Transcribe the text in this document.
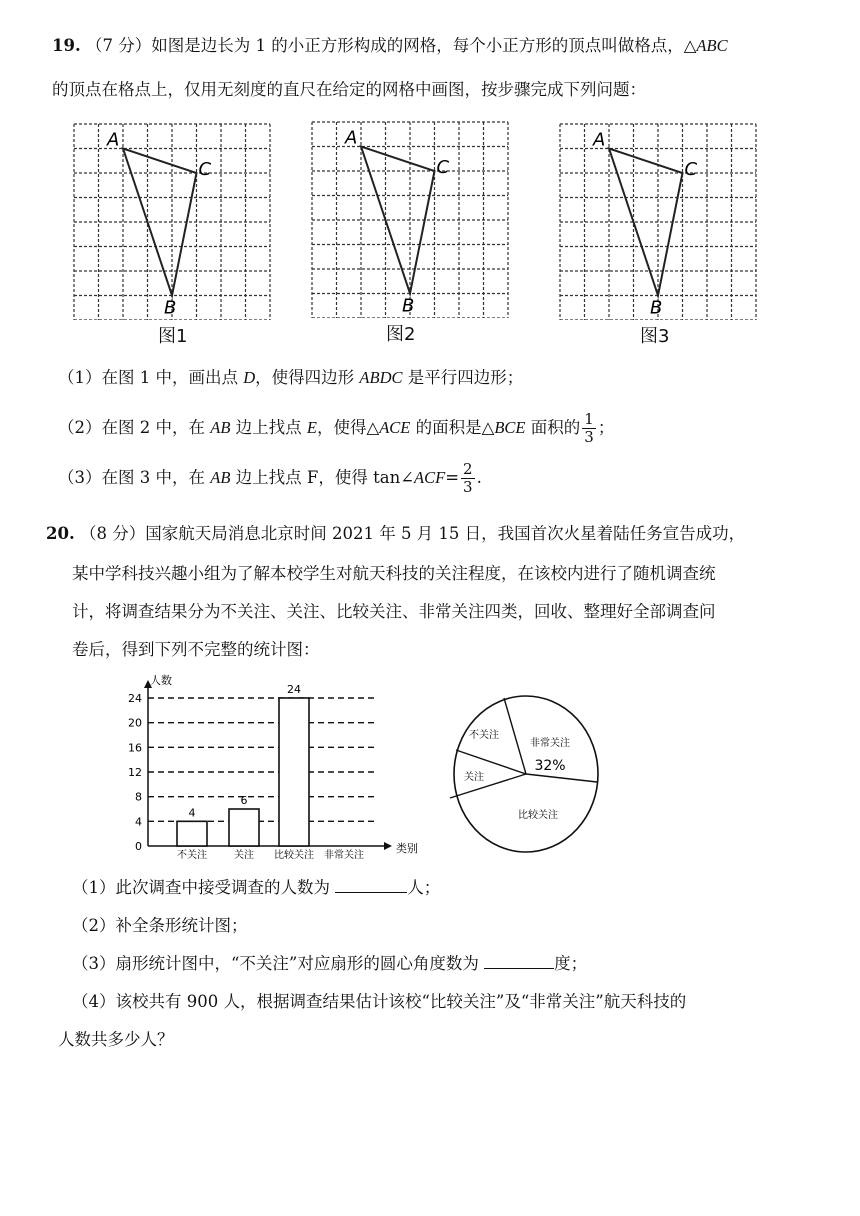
19. （7 分）如图是边长为 1 的小正方形构成的网格，每个小正方形的顶点叫做格点，△ABC
的顶点在格点上，仅用无刻度的直尺在给定的网格中画图，按步骤完成下列问题：
A
B
C
图1
A
B
C
图2
A
B
C
图3
（1）在图 1 中，画出点 D，使得四边形 ABDC 是平行四边形；
（2）在图 2 中，在 AB 边上找点 E，使得△ACE 的面积是△BCE 面积的 $\frac{1}{3}$ ；
（3）在图 3 中，在 AB 边上找点 F，使得 tan∠ACF= $\frac{2}{3}$ .
20. （8 分）国家航天局消息北京时间 2021 年 5 月 15 日，我国首次火星着陆任务宣告成功，
某中学科技兴趣小组为了解本校学生对航天科技的关注程度，在该校内进行了随机调查统
计，将调查结果分为不关注、关注、比较关注、非常关注四类，回收、整理好全部调查问
卷后，得到下列不完整的统计图：
0
4
8
12
16
20
24
人数
类别
4
不关注
6
关注
24
比较关注 非常关注
不关注
关注
比较关注
非常关注
32%
（1）此次调查中接受调查的人数为	人；
（2）补全条形统计图；
（3）扇形统计图中，“不关注”对应扇形的圆心角度数为	度；
（4）该校共有 900 人，根据调查结果估计该校“比较关注”及“非常关注”航天科技的
人数共多少人？
